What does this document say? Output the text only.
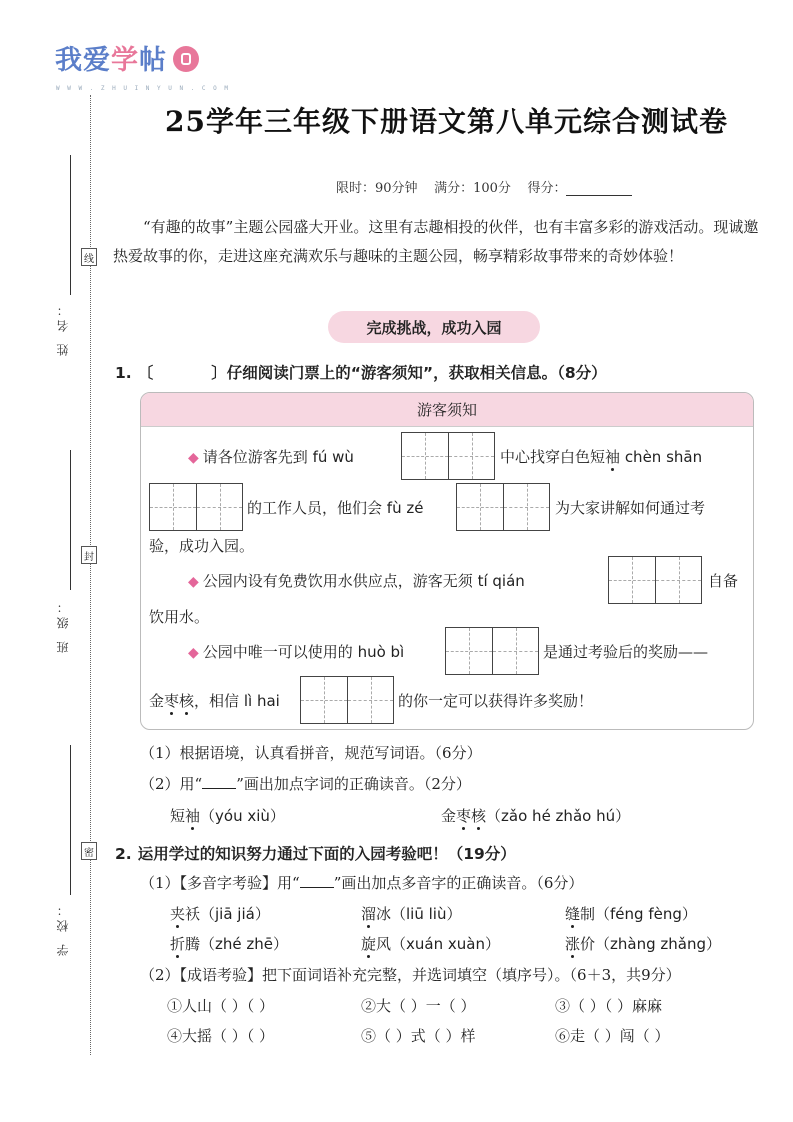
我爱学帖
W W W . Z H U I N Y U N . C O M
姓 名：
班 级：
学 校：
线
封
密
25学年三年级下册语文第八单元综合测试卷
限时：90分钟 满分：100分 得分：
“有趣的故事”主题公园盛大开业。这里有志趣相投的伙伴，也有丰富多彩的游戏活动。现诚邀热爱故事的你，走进这座充满欢乐与趣味的主题公园，畅享精彩故事带来的奇妙体验！
完成挑战，成功入园
1. 〔	〕仔细阅读门票上的“游客须知”，获取相关信息。（8分）
游客须知
◆ 请各位游客先到 fú wù	中心找穿白色短袖 chèn shān
的工作人员，他们会 fù zé	为大家讲解如何通过考
验，成功入园。
◆ 公园内设有免费饮用水供应点，游客无须 tí qián	自备
饮用水。
◆ 公园中唯一可以使用的 huò bì	是通过考验后的奖励——
金枣核，相信 lì hai	的你一定可以获得许多奖励！
（1）根据语境，认真看拼音，规范写词语。（6分）
（2）用“ ”画出加点字词的正确读音。（2分）
短袖（yóu xiù）	金枣核（zǎo hé zhǎo hú）
2. 运用学过的知识努力通过下面的入园考验吧！（19分）
（1）【多音字考验】用“ ”画出加点多音字的正确读音。（6分）
夹袄（jiā jiá）	溜冰（liū liù）	缝制（féng fèng）
折腾（zhé zhē）	旋风（xuán xuàn）	涨价（zhàng zhǎng）
（2）【成语考验】把下面词语补充完整，并选词填空（填序号）。（6＋3，共9分）
①人山（ ）（ ）	②大（ ）一（ ）	③（ ）（ ）麻麻
④大摇（ ）（ ）	⑤（ ）式（ ）样	⑥走（ ）闯（ ）
